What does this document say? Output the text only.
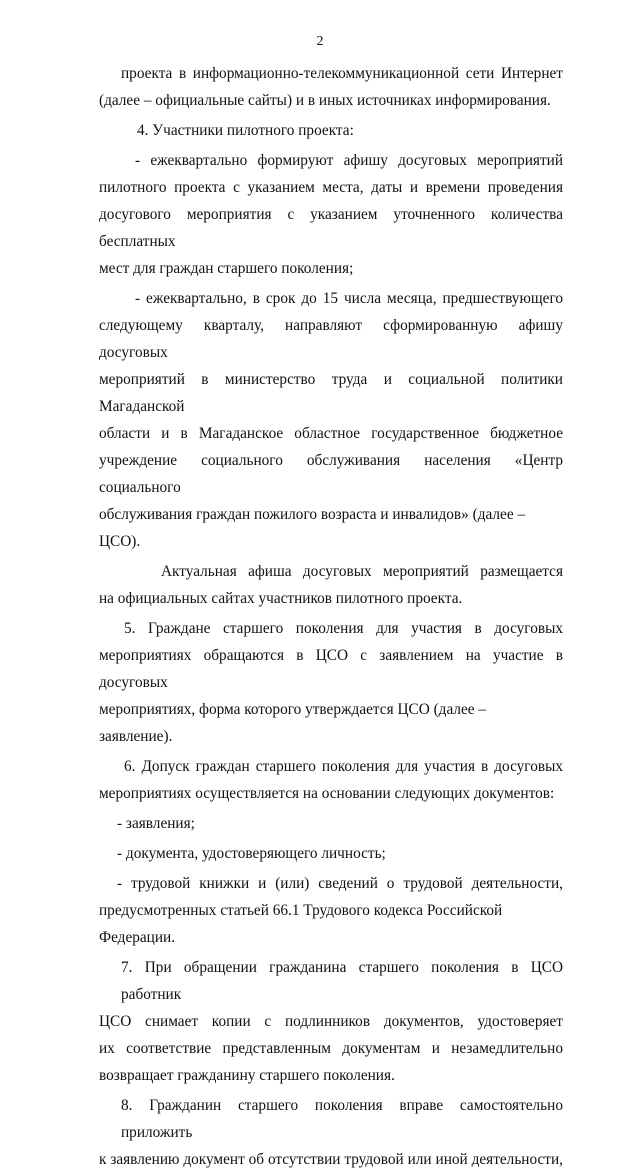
2
проекта в информационно-телекоммуникационной сети Интернет
(далее – официальные сайты) и в иных источниках информирования.
4. Участники пилотного проекта:
- ежеквартально формируют афишу досуговых мероприятий
пилотного проекта с указанием места, даты и времени проведения
досугового мероприятия с указанием уточненного количества бесплатных
мест для граждан старшего поколения;
- ежеквартально, в срок до 15 числа месяца, предшествующего
следующему кварталу, направляют сформированную афишу досуговых
мероприятий в министерство труда и социальной политики Магаданской
области и в Магаданское областное государственное бюджетное
учреждение социального обслуживания населения «Центр социального
обслуживания граждан пожилого возраста и инвалидов» (далее – ЦСО).
Актуальная афиша досуговых мероприятий размещается
на официальных сайтах участников пилотного проекта.
5. Граждане старшего поколения для участия в досуговых
мероприятиях обращаются в ЦСО с заявлением на участие в досуговых
мероприятиях, форма которого утверждается ЦСО (далее – заявление).
6. Допуск граждан старшего поколения для участия в досуговых
мероприятиях осуществляется на основании следующих документов:
- заявления;
- документа, удостоверяющего личность;
- трудовой книжки и (или) сведений о трудовой деятельности,
предусмотренных статьей 66.1 Трудового кодекса Российской Федерации.
7. При обращении гражданина старшего поколения в ЦСО работник
ЦСО снимает копии с подлинников документов, удостоверяет
их соответствие представленным документам и незамедлительно
возвращает гражданину старшего поколения.
8. Гражданин старшего поколения вправе самостоятельно приложить
к заявлению документ об отсутствии трудовой или иной деятельности,
